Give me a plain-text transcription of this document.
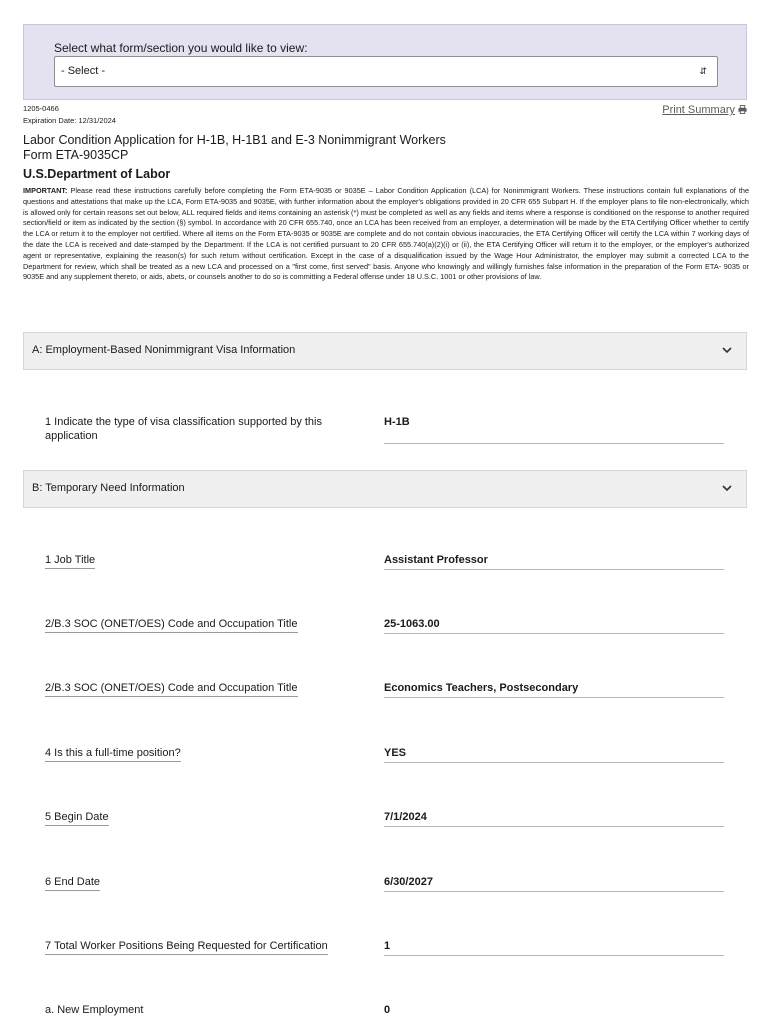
Select what form/section you would like to view:
- Select -	⇵
1205-0466
Expiration Date: 12/31/2024
Print Summary
Labor Condition Application for H-1B, H-1B1 and E-3 Nonimmigrant Workers
Form ETA-9035CP
U.S.Department of Labor
IMPORTANT: Please read these instructions carefully before completing the Form ETA-9035 or 9035E – Labor Condition Application (LCA) for Nonimmigrant Workers. These instructions contain full explanations of the questions and attestations that make up the LCA, Form ETA-9035 and 9035E, with further information about the employer's obligations provided in 20 CFR 655 Subpart H. If the employer plans to file non-electronically, which is allowed only for certain reasons set out below, ALL required fields and items containing an asterisk (*) must be completed as well as any fields and items where a response is conditioned on the response to another required section/field or item as indicated by the section (§) symbol. In accordance with 20 CFR 655.740, once an LCA has been received from an employer, a determination will be made by the ETA Certifying Officer whether to certify the LCA or return it to the employer not certified. Where all items on the Form ETA-9035 or 9035E are complete and do not contain obvious inaccuracies, the ETA Certifying Officer will certify the LCA within 7 working days of the date the LCA is received and date-stamped by the Department. If the LCA is not certified pursuant to 20 CFR 655.740(a)(2)(i) or (ii), the ETA Certifying Officer will return it to the employer, or the employer's authorized agent or representative, explaining the reason(s) for such return without certification. Except in the case of a disqualification issued by the Wage Hour Administrator, the employer may submit a corrected LCA to the Department for review, which shall be treated as a new LCA and processed on a "first come, first served" basis. Anyone who knowingly and willingly furnishes false information in the preparation of the Form ETA- 9035 or 9035E and any supplement thereto, or aids, abets, or counsels another to do so is committing a Federal offense under 18 U.S.C. 1001 or other provisions of law.
A: Employment-Based Nonimmigrant Visa Information
1 Indicate the type of visa classification supported by this application
H-1B
B: Temporary Need Information
1 Job Title	Assistant Professor
2/B.3 SOC (ONET/OES) Code and Occupation Title	25-1063.00
2/B.3 SOC (ONET/OES) Code and Occupation Title	Economics Teachers, Postsecondary
4 Is this a full-time position?	YES
5 Begin Date	7/1/2024
6 End Date	6/30/2027
7 Total Worker Positions Being Requested for Certification	1
a. New Employment	0
